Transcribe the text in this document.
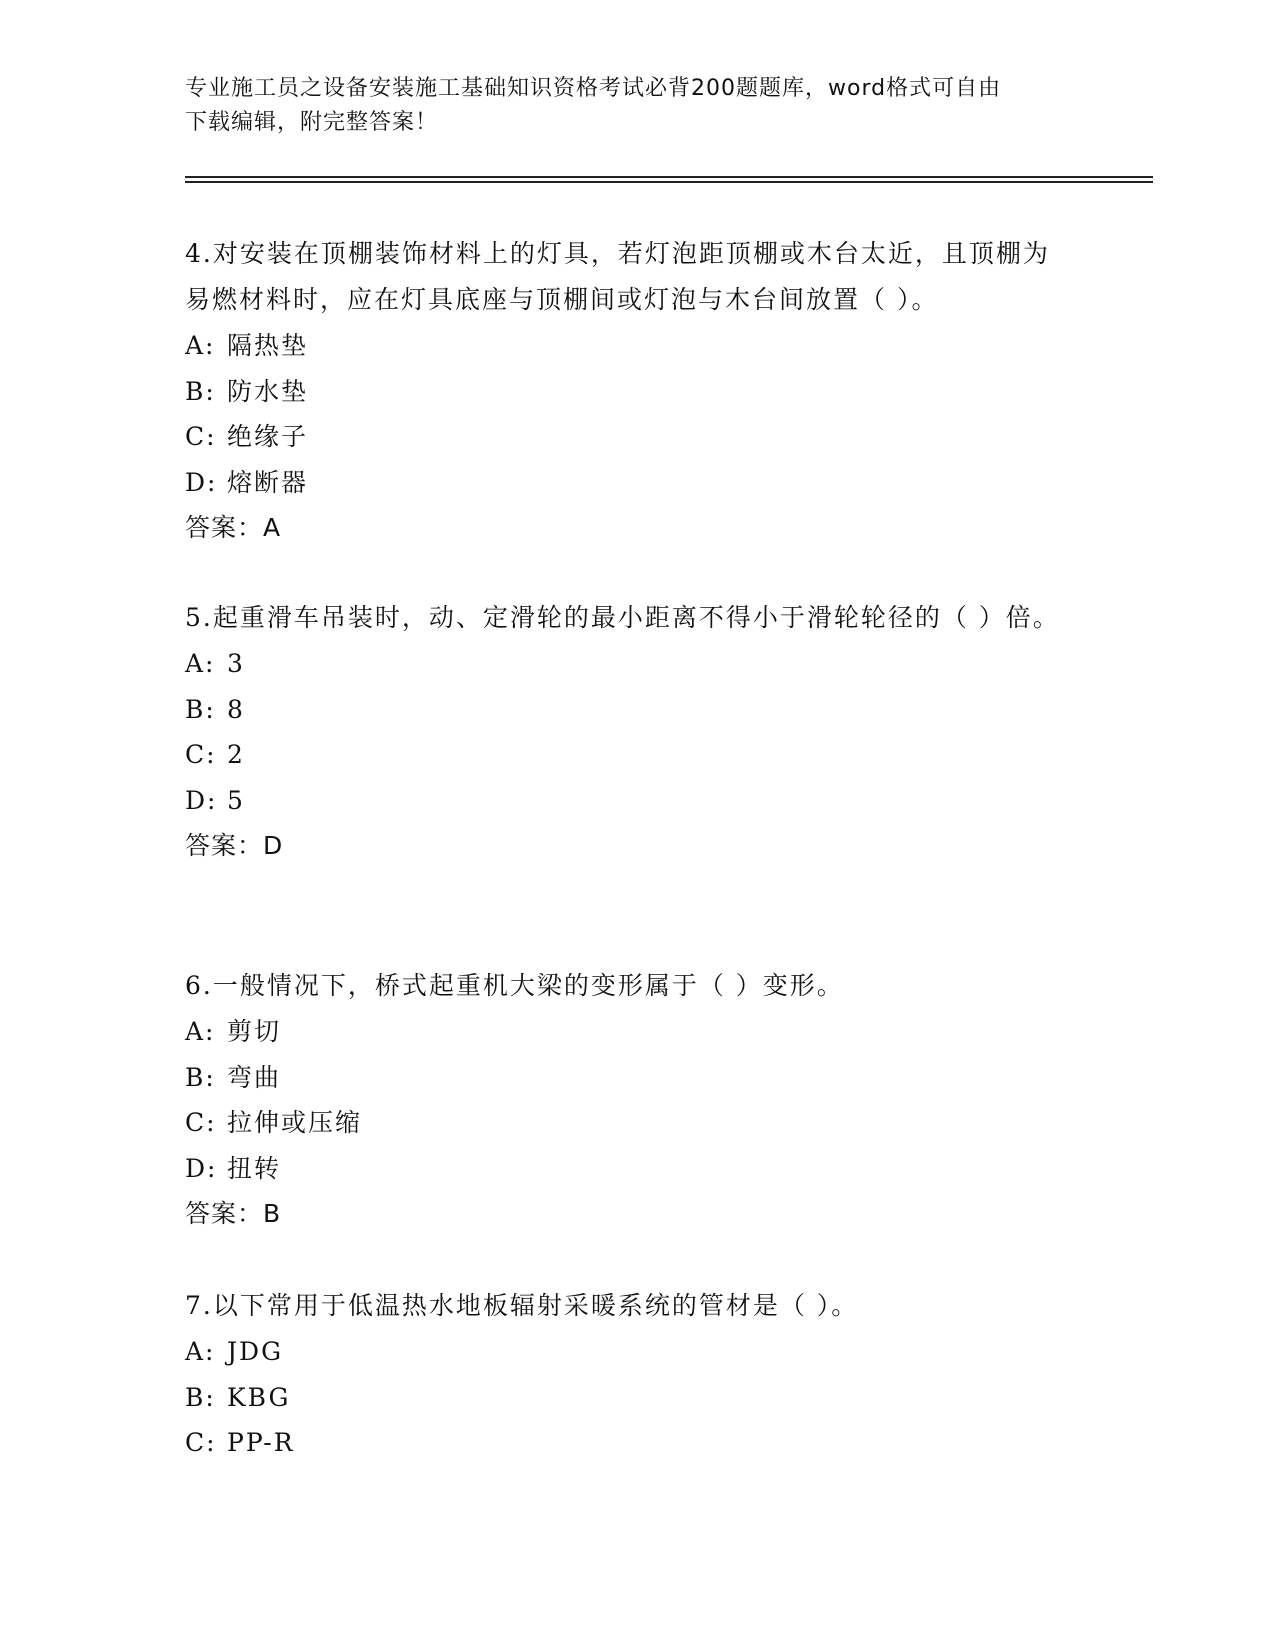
专业施工员之设备安装施工基础知识资格考试必背200题题库，word格式可自由
下载编辑，附完整答案！

4.对安装在顶棚装饰材料上的灯具，若灯泡距顶棚或木台太近，且顶棚为易燃材料时，应在灯具底座与顶棚间或灯泡与木台间放置（ ）。

A: 隔热垫

B: 防水垫

C: 绝缘子

D: 熔断器

答案：A

5.起重滑车吊装时，动、定滑轮的最小距离不得小于滑轮轮径的（ ）倍。

A: 3

B: 8

C: 2

D: 5

答案：D

6.一般情况下，桥式起重机大梁的变形属于（ ）变形。

A: 剪切

B: 弯曲

C: 拉伸或压缩

D: 扭转

答案：B

7.以下常用于低温热水地板辐射采暖系统的管材是（ ）。

A: JDG

B: KBG

C: PP-R
